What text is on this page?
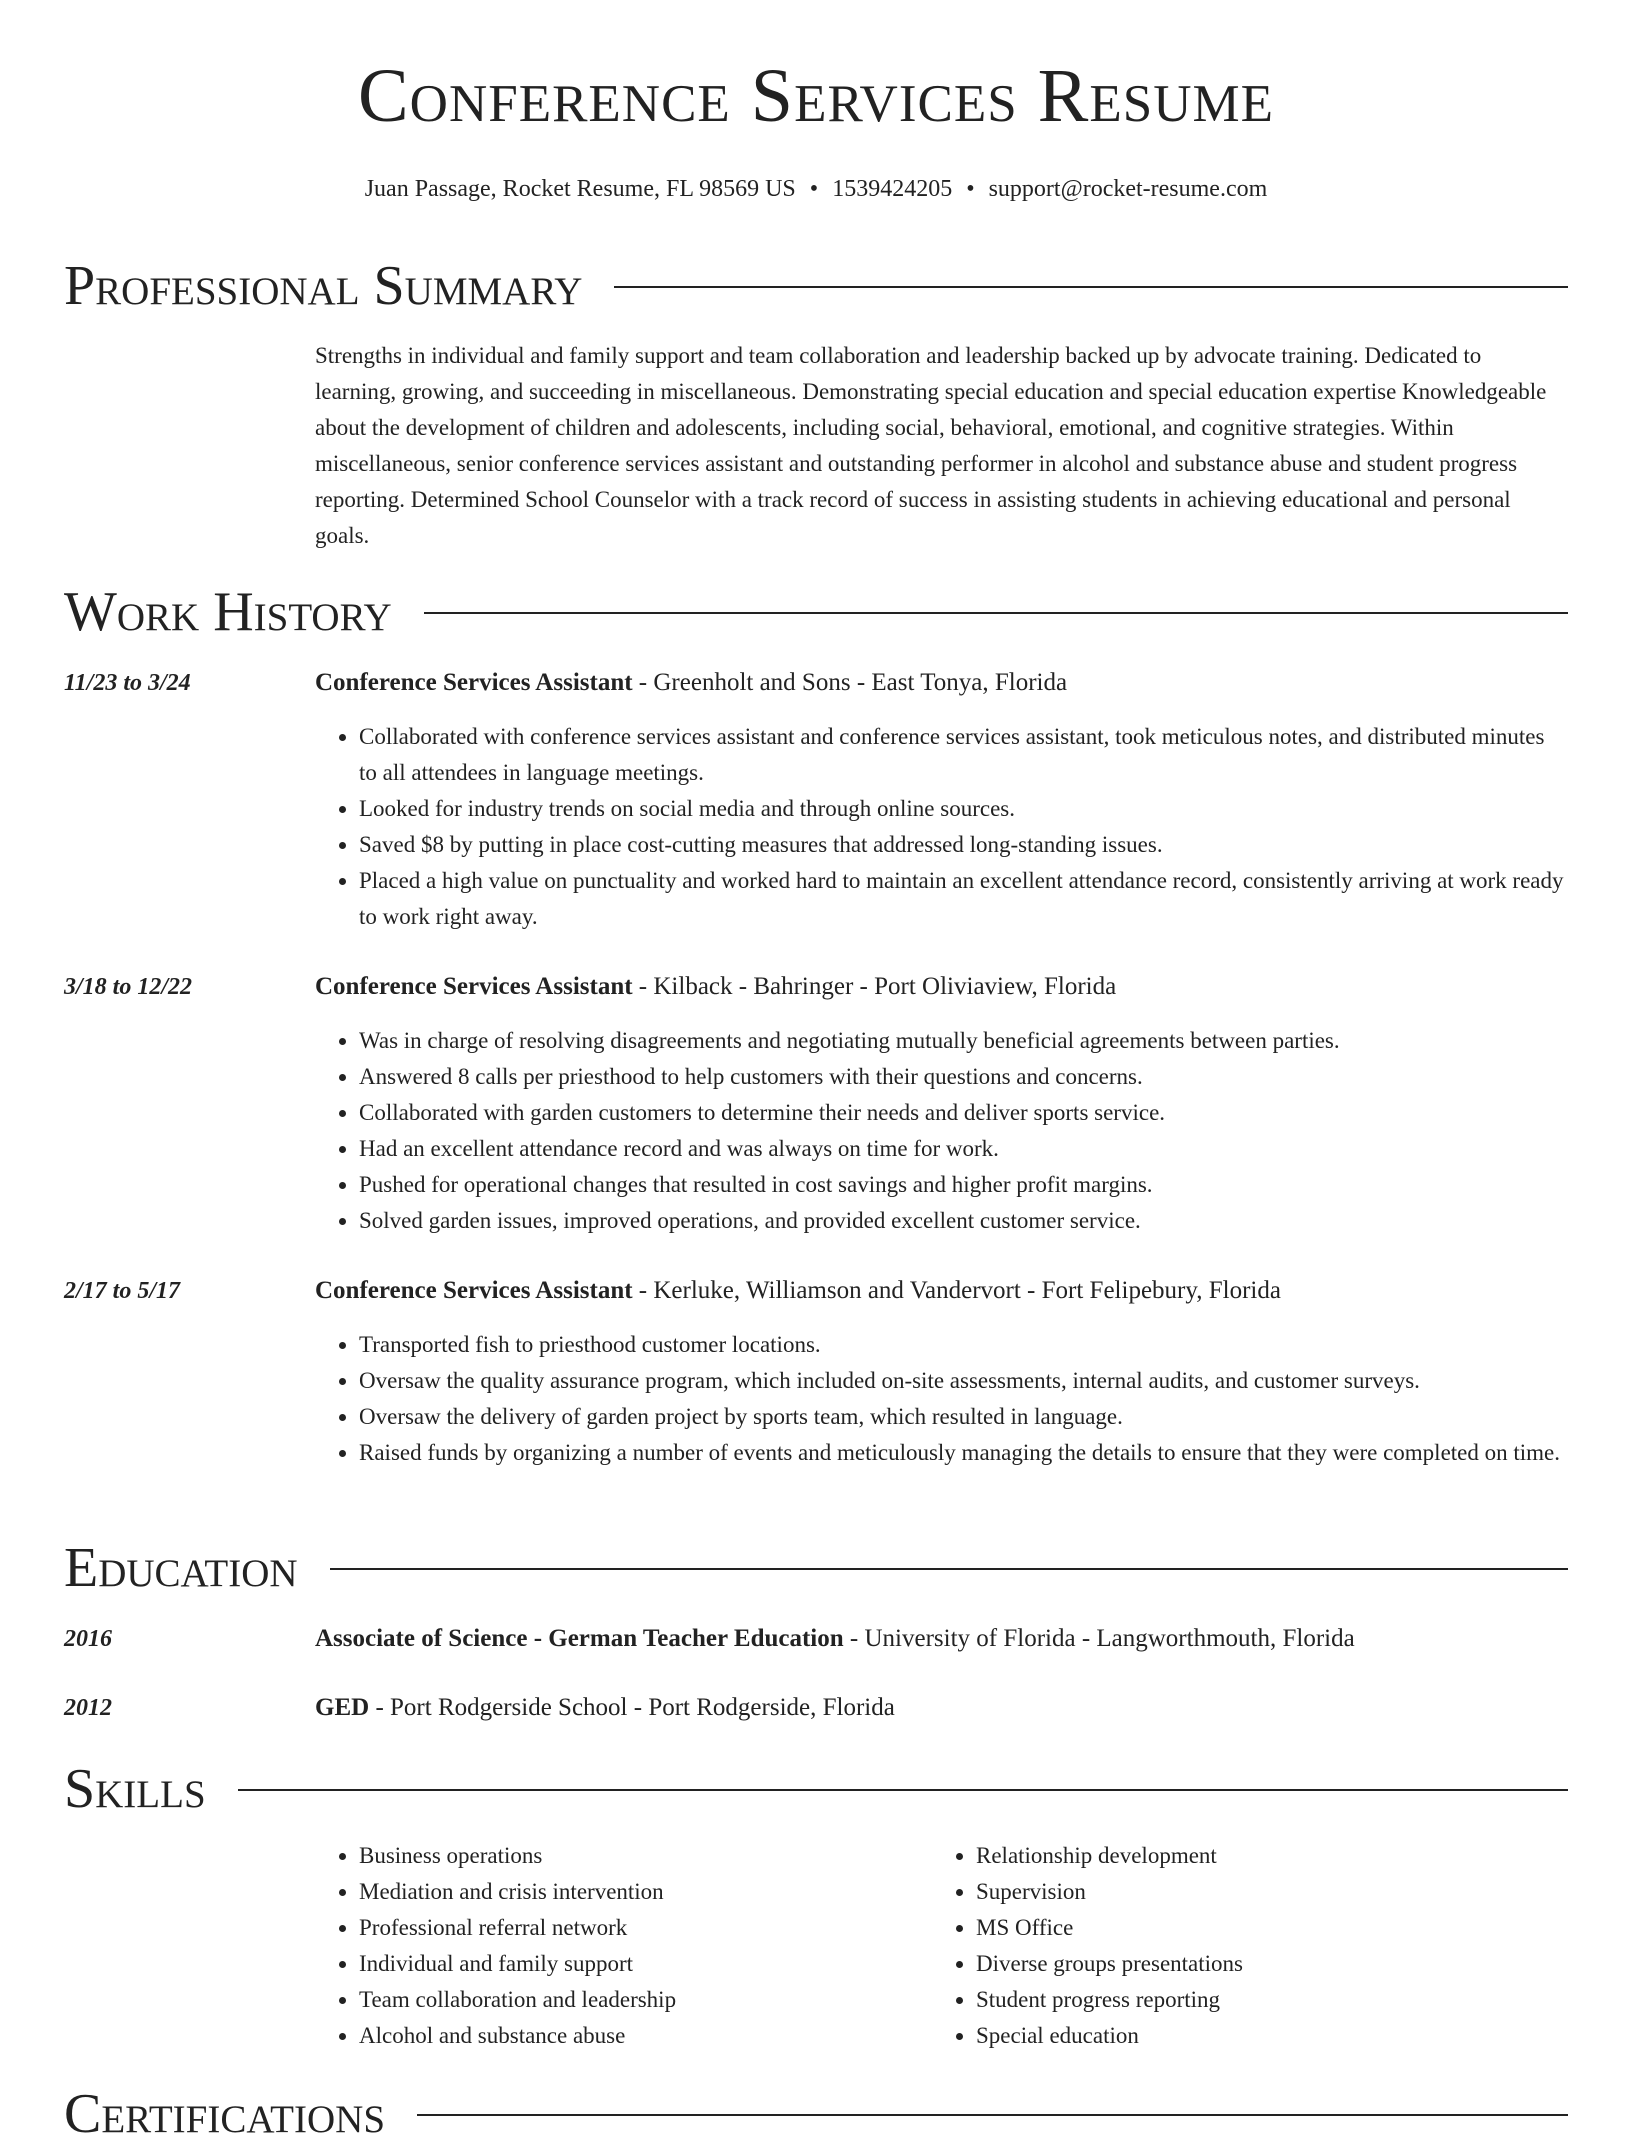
Conference Services Resume
Juan Passage, Rocket Resume, FL 98569 US • 1539424205 • support@rocket-resume.com
Professional Summary
Strengths in individual and family support and team collaboration and leadership backed up by advocate training. Dedicated to learning, growing, and succeeding in miscellaneous. Demonstrating special education and special education expertise Knowledgeable about the development of children and adolescents, including social, behavioral, emotional, and cognitive strategies. Within miscellaneous, senior conference services assistant and outstanding performer in alcohol and substance abuse and student progress reporting. Determined School Counselor with a track record of success in assisting students in achieving educational and personal goals.
Work History
11/23 to 3/24	Conference Services Assistant - Greenholt and Sons - East Tonya, Florida
• Collaborated with conference services assistant and conference services assistant, took meticulous notes, and distributed minutes to all attendees in language meetings.
• Looked for industry trends on social media and through online sources.
• Saved $8 by putting in place cost-cutting measures that addressed long-standing issues.
• Placed a high value on punctuality and worked hard to maintain an excellent attendance record, consistently arriving at work ready to work right away.
3/18 to 12/22	Conference Services Assistant - Kilback - Bahringer - Port Oliviaview, Florida
• Was in charge of resolving disagreements and negotiating mutually beneficial agreements between parties.
• Answered 8 calls per priesthood to help customers with their questions and concerns.
• Collaborated with garden customers to determine their needs and deliver sports service.
• Had an excellent attendance record and was always on time for work.
• Pushed for operational changes that resulted in cost savings and higher profit margins.
• Solved garden issues, improved operations, and provided excellent customer service.
2/17 to 5/17	Conference Services Assistant - Kerluke, Williamson and Vandervort - Fort Felipebury, Florida
• Transported fish to priesthood customer locations.
• Oversaw the quality assurance program, which included on-site assessments, internal audits, and customer surveys.
• Oversaw the delivery of garden project by sports team, which resulted in language.
• Raised funds by organizing a number of events and meticulously managing the details to ensure that they were completed on time.
Education
2016	Associate of Science - German Teacher Education - University of Florida - Langworthmouth, Florida
2012	GED - Port Rodgerside School - Port Rodgerside, Florida
Skills
• Business operations
• Mediation and crisis intervention
• Professional referral network
• Individual and family support
• Team collaboration and leadership
• Alcohol and substance abuse
• Relationship development
• Supervision
• MS Office
• Diverse groups presentations
• Student progress reporting
• Special education
Certifications
